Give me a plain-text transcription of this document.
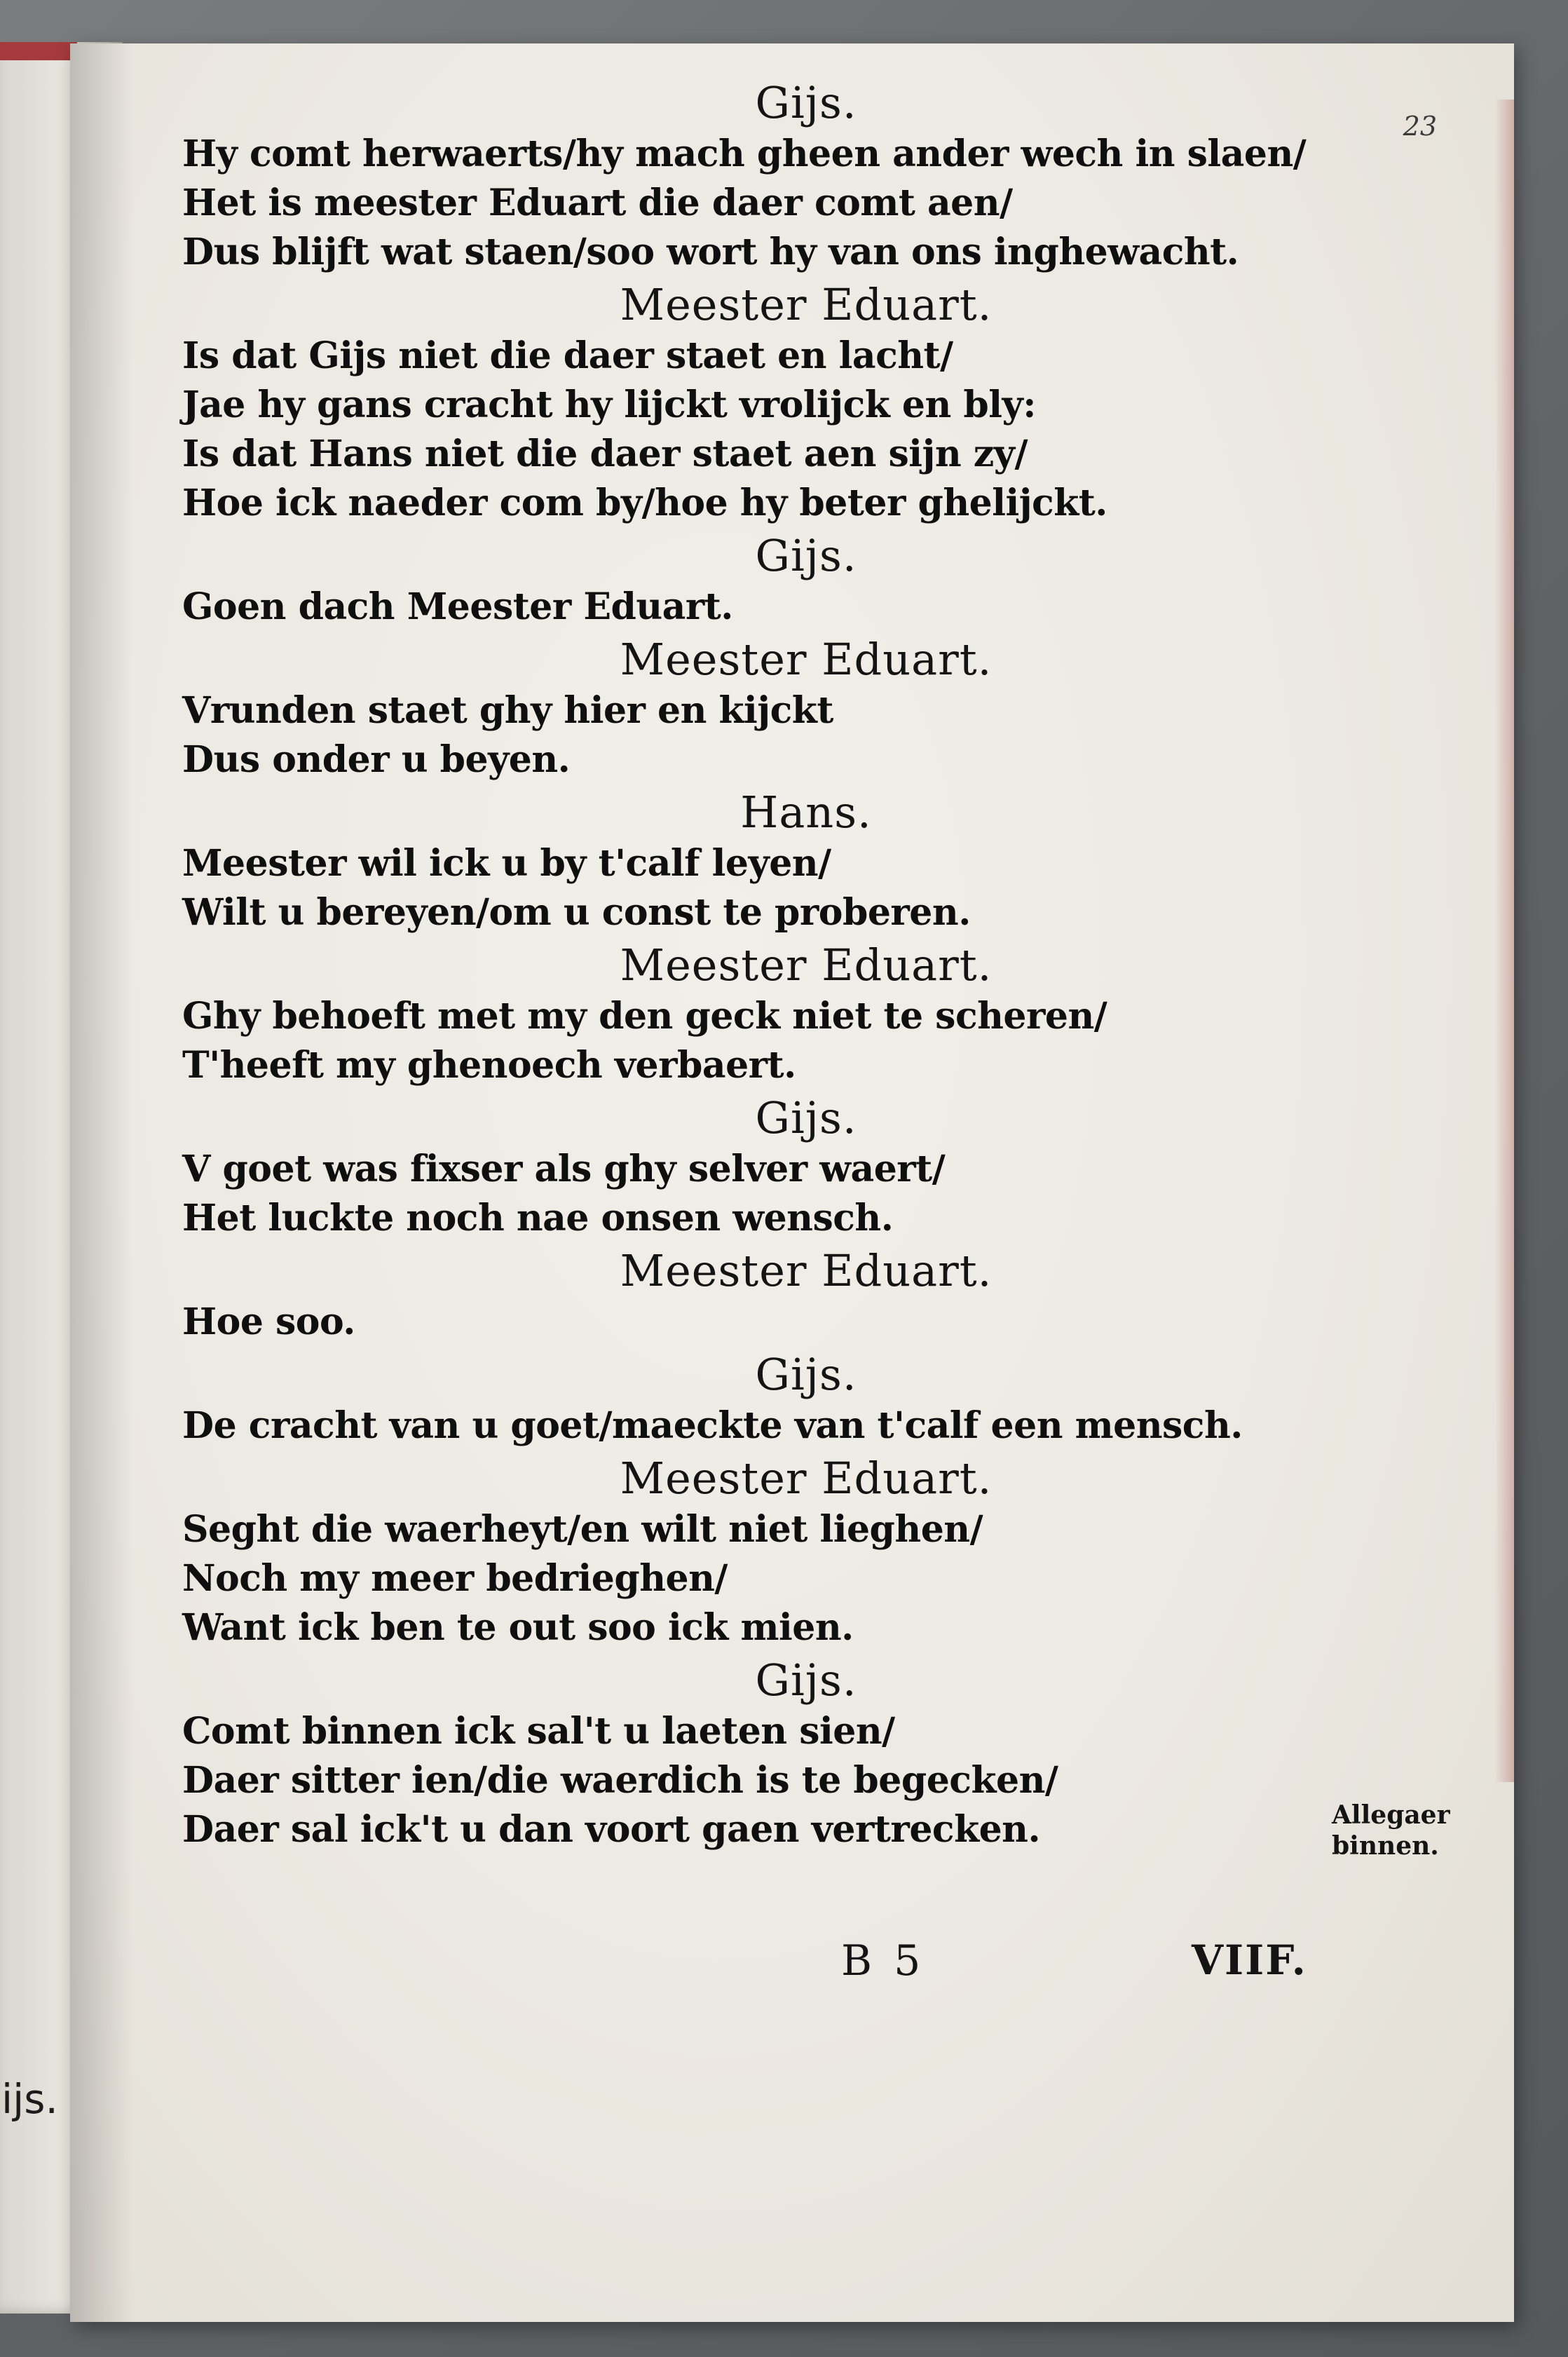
ijs.
23
Gijs.
Hy comt herwaerts/hy mach gheen ander wech in slaen/
Het is meester Eduart die daer comt aen/
Dus blijft wat staen/soo wort hy van ons inghewacht.
Meester Eduart.
Is dat Gijs niet die daer staet en lacht/
Jae hy gans cracht hy lijckt vrolijck en bly:
Is dat Hans niet die daer staet aen sijn zy/
Hoe ick naeder com by/hoe hy beter ghelijckt.
Gijs.
Goen dach Meester Eduart.
Meester Eduart.
Vrunden staet ghy hier en kijckt
Dus onder u beyen.
Hans.
Meester wil ick u by t'calf leyen/
Wilt u bereyen/om u const te proberen.
Meester Eduart.
Ghy behoeft met my den geck niet te scheren/
T'heeft my ghenoech verbaert.
Gijs.
V goet was fixser als ghy selver waert/
Het luckte noch nae onsen wensch.
Meester Eduart.
Hoe soo.
Gijs.
De cracht van u goet/maeckte van t'calf een mensch.
Meester Eduart.
Seght die waerheyt/en wilt niet lieghen/
Noch my meer bedrieghen/
Want ick ben te out soo ick mien.
Gijs.
Comt binnen ick sal't u laeten sien/
Daer sitter ien/die waerdich is te begecken/
Daer sal ick't u dan voort gaen vertrecken.	Allegaer
binnen.
B 5	VIIF.
